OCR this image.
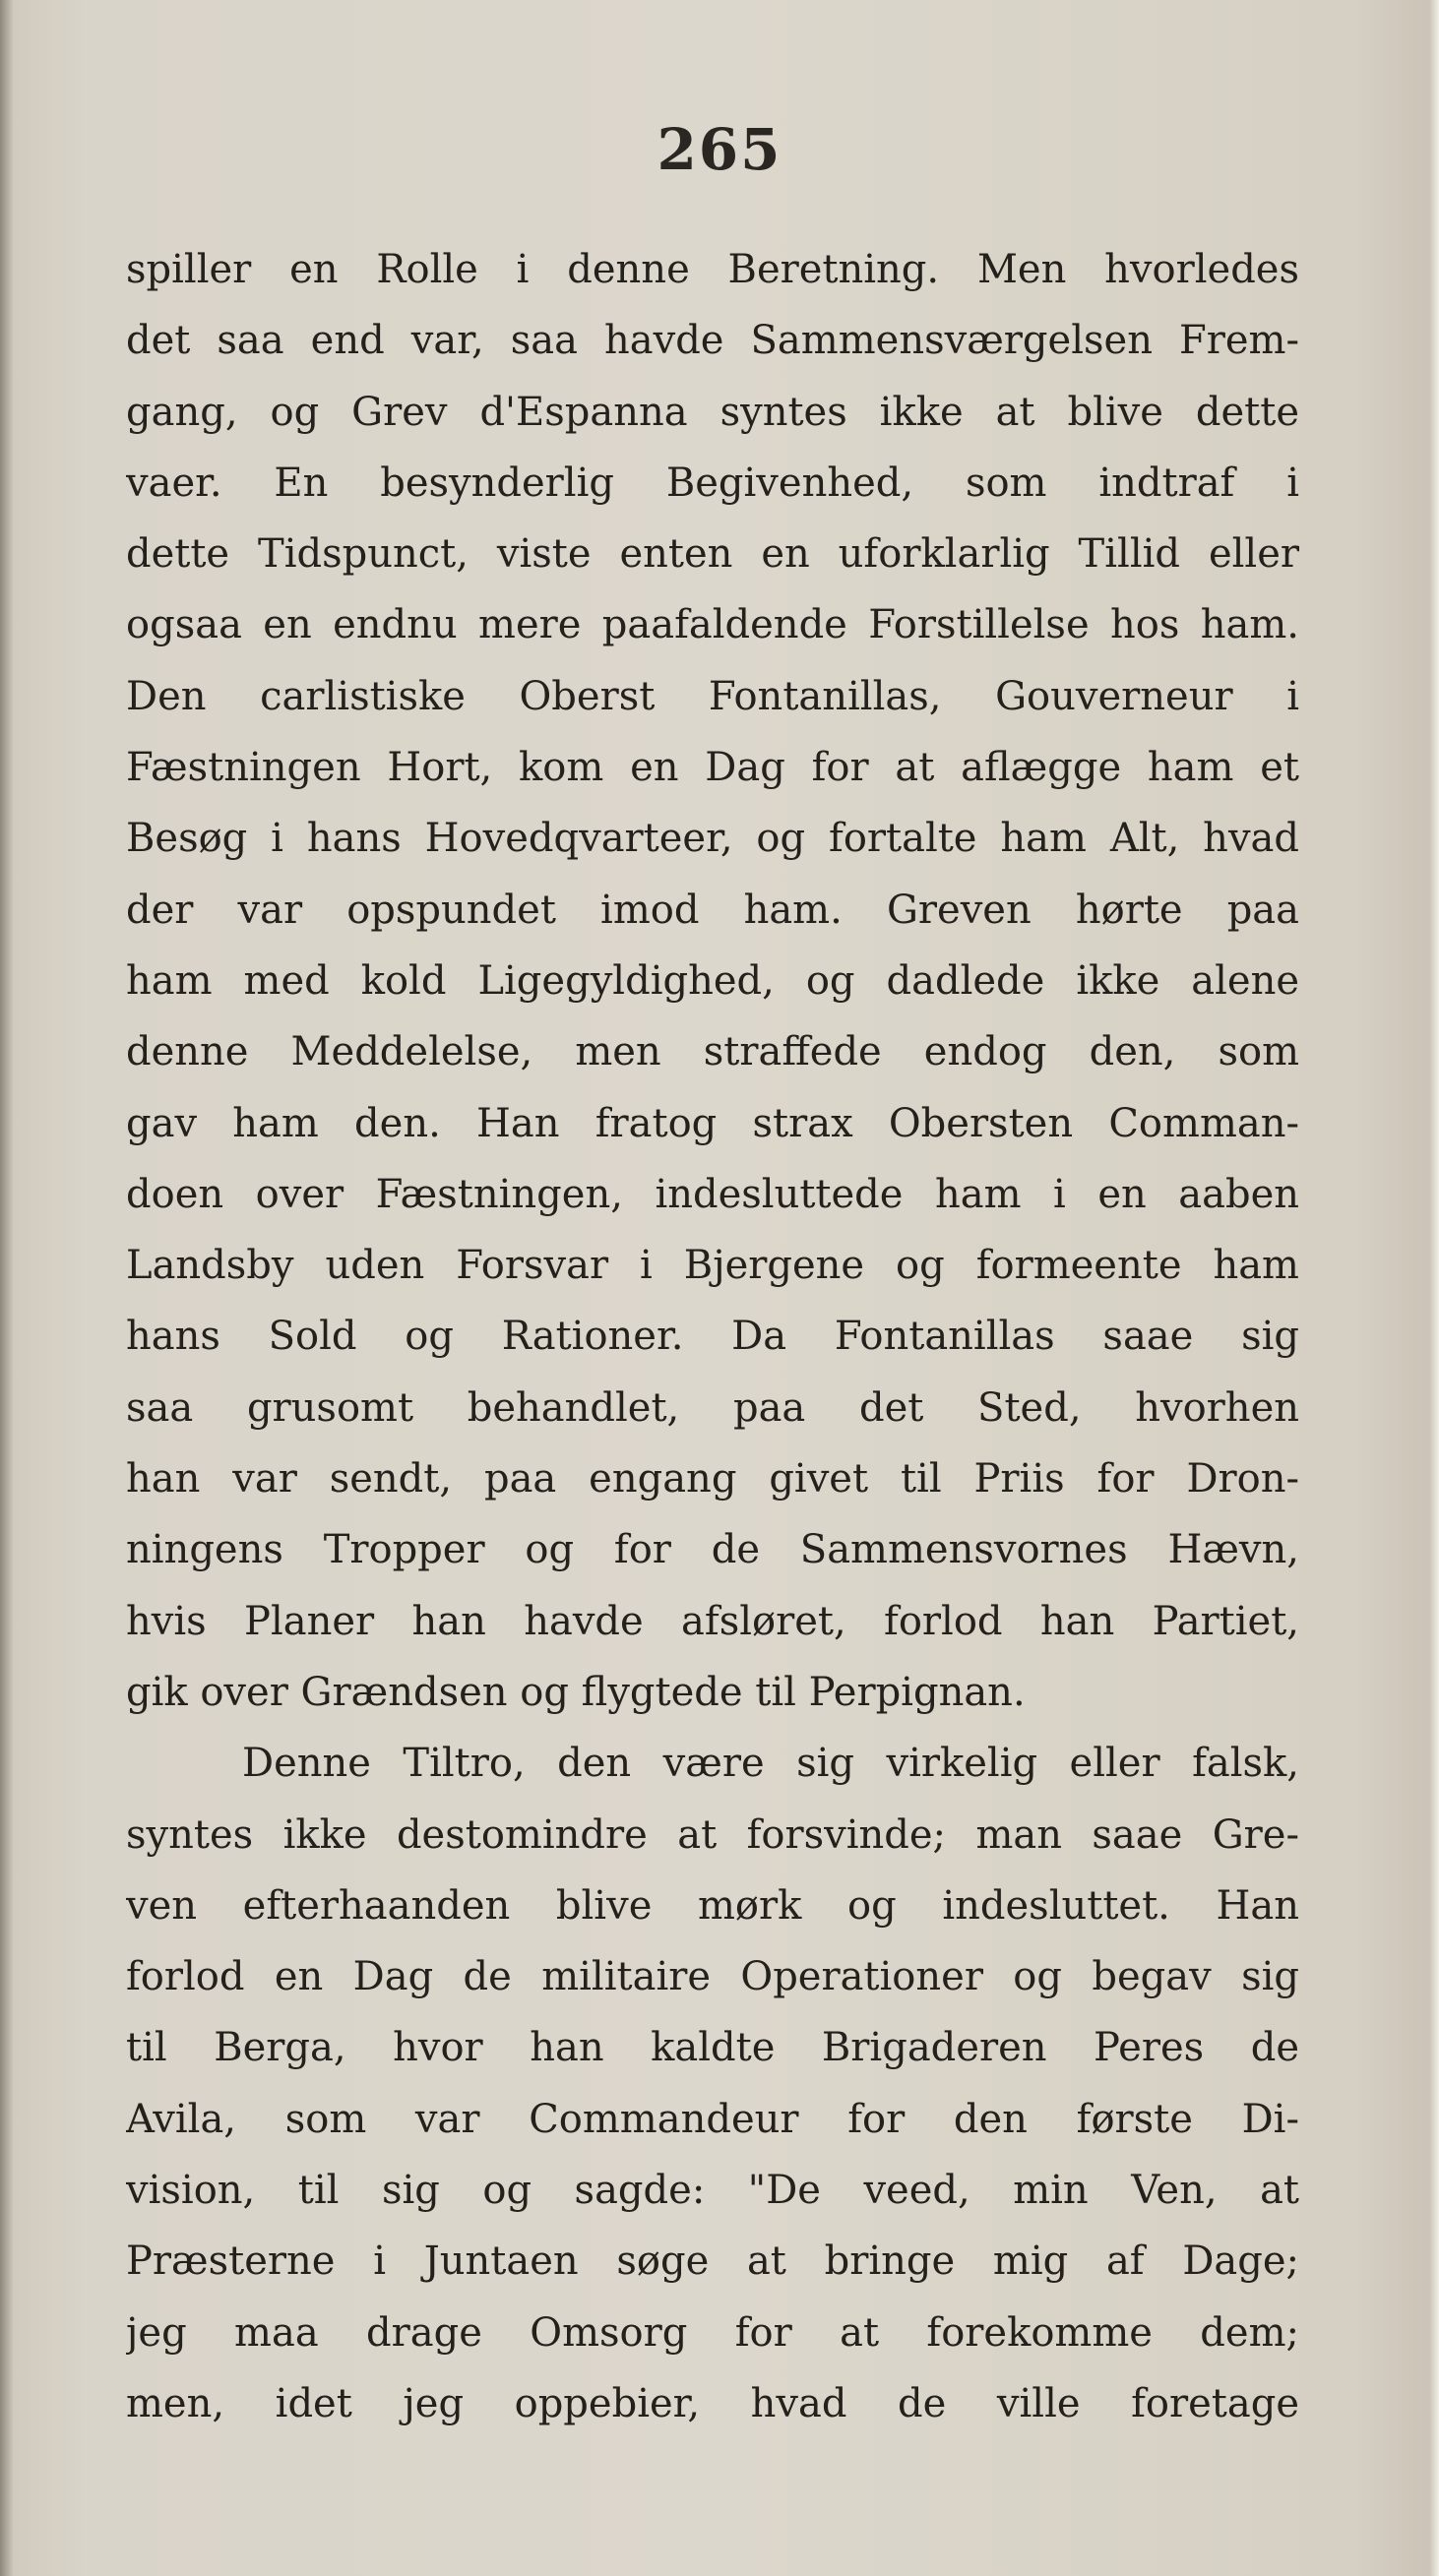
265
spiller en Rolle i denne Beretning. Men hvorledes
det saa end var, saa havde Sammensværgelsen Frem-
gang, og Grev d'Espanna syntes ikke at blive dette
vaer. En besynderlig Begivenhed, som indtraf i
dette Tidspunct, viste enten en uforklarlig Tillid eller
ogsaa en endnu mere paafaldende Forstillelse hos ham.
Den carlistiske Oberst Fontanillas, Gouverneur i
Fæstningen Hort, kom en Dag for at aflægge ham et
Besøg i hans Hovedqvarteer, og fortalte ham Alt, hvad
der var opspundet imod ham. Greven hørte paa
ham med kold Ligegyldighed, og dadlede ikke alene
denne Meddelelse, men straffede endog den, som
gav ham den. Han fratog strax Obersten Comman-
doen over Fæstningen, indesluttede ham i en aaben
Landsby uden Forsvar i Bjergene og formeente ham
hans Sold og Rationer. Da Fontanillas saae sig
saa grusomt behandlet, paa det Sted, hvorhen
han var sendt, paa engang givet til Priis for Dron-
ningens Tropper og for de Sammensvornes Hævn,
hvis Planer han havde afsløret, forlod han Partiet,
gik over Grændsen og flygtede til Perpignan.
Denne Tiltro, den være sig virkelig eller falsk,
syntes ikke destomindre at forsvinde; man saae Gre-
ven efterhaanden blive mørk og indesluttet. Han
forlod en Dag de militaire Operationer og begav sig
til Berga, hvor han kaldte Brigaderen Peres de
Avila, som var Commandeur for den første Di-
vision, til sig og sagde: "De veed, min Ven, at
Præsterne i Juntaen søge at bringe mig af Dage;
jeg maa drage Omsorg for at forekomme dem;
men, idet jeg oppebier, hvad de ville foretage
